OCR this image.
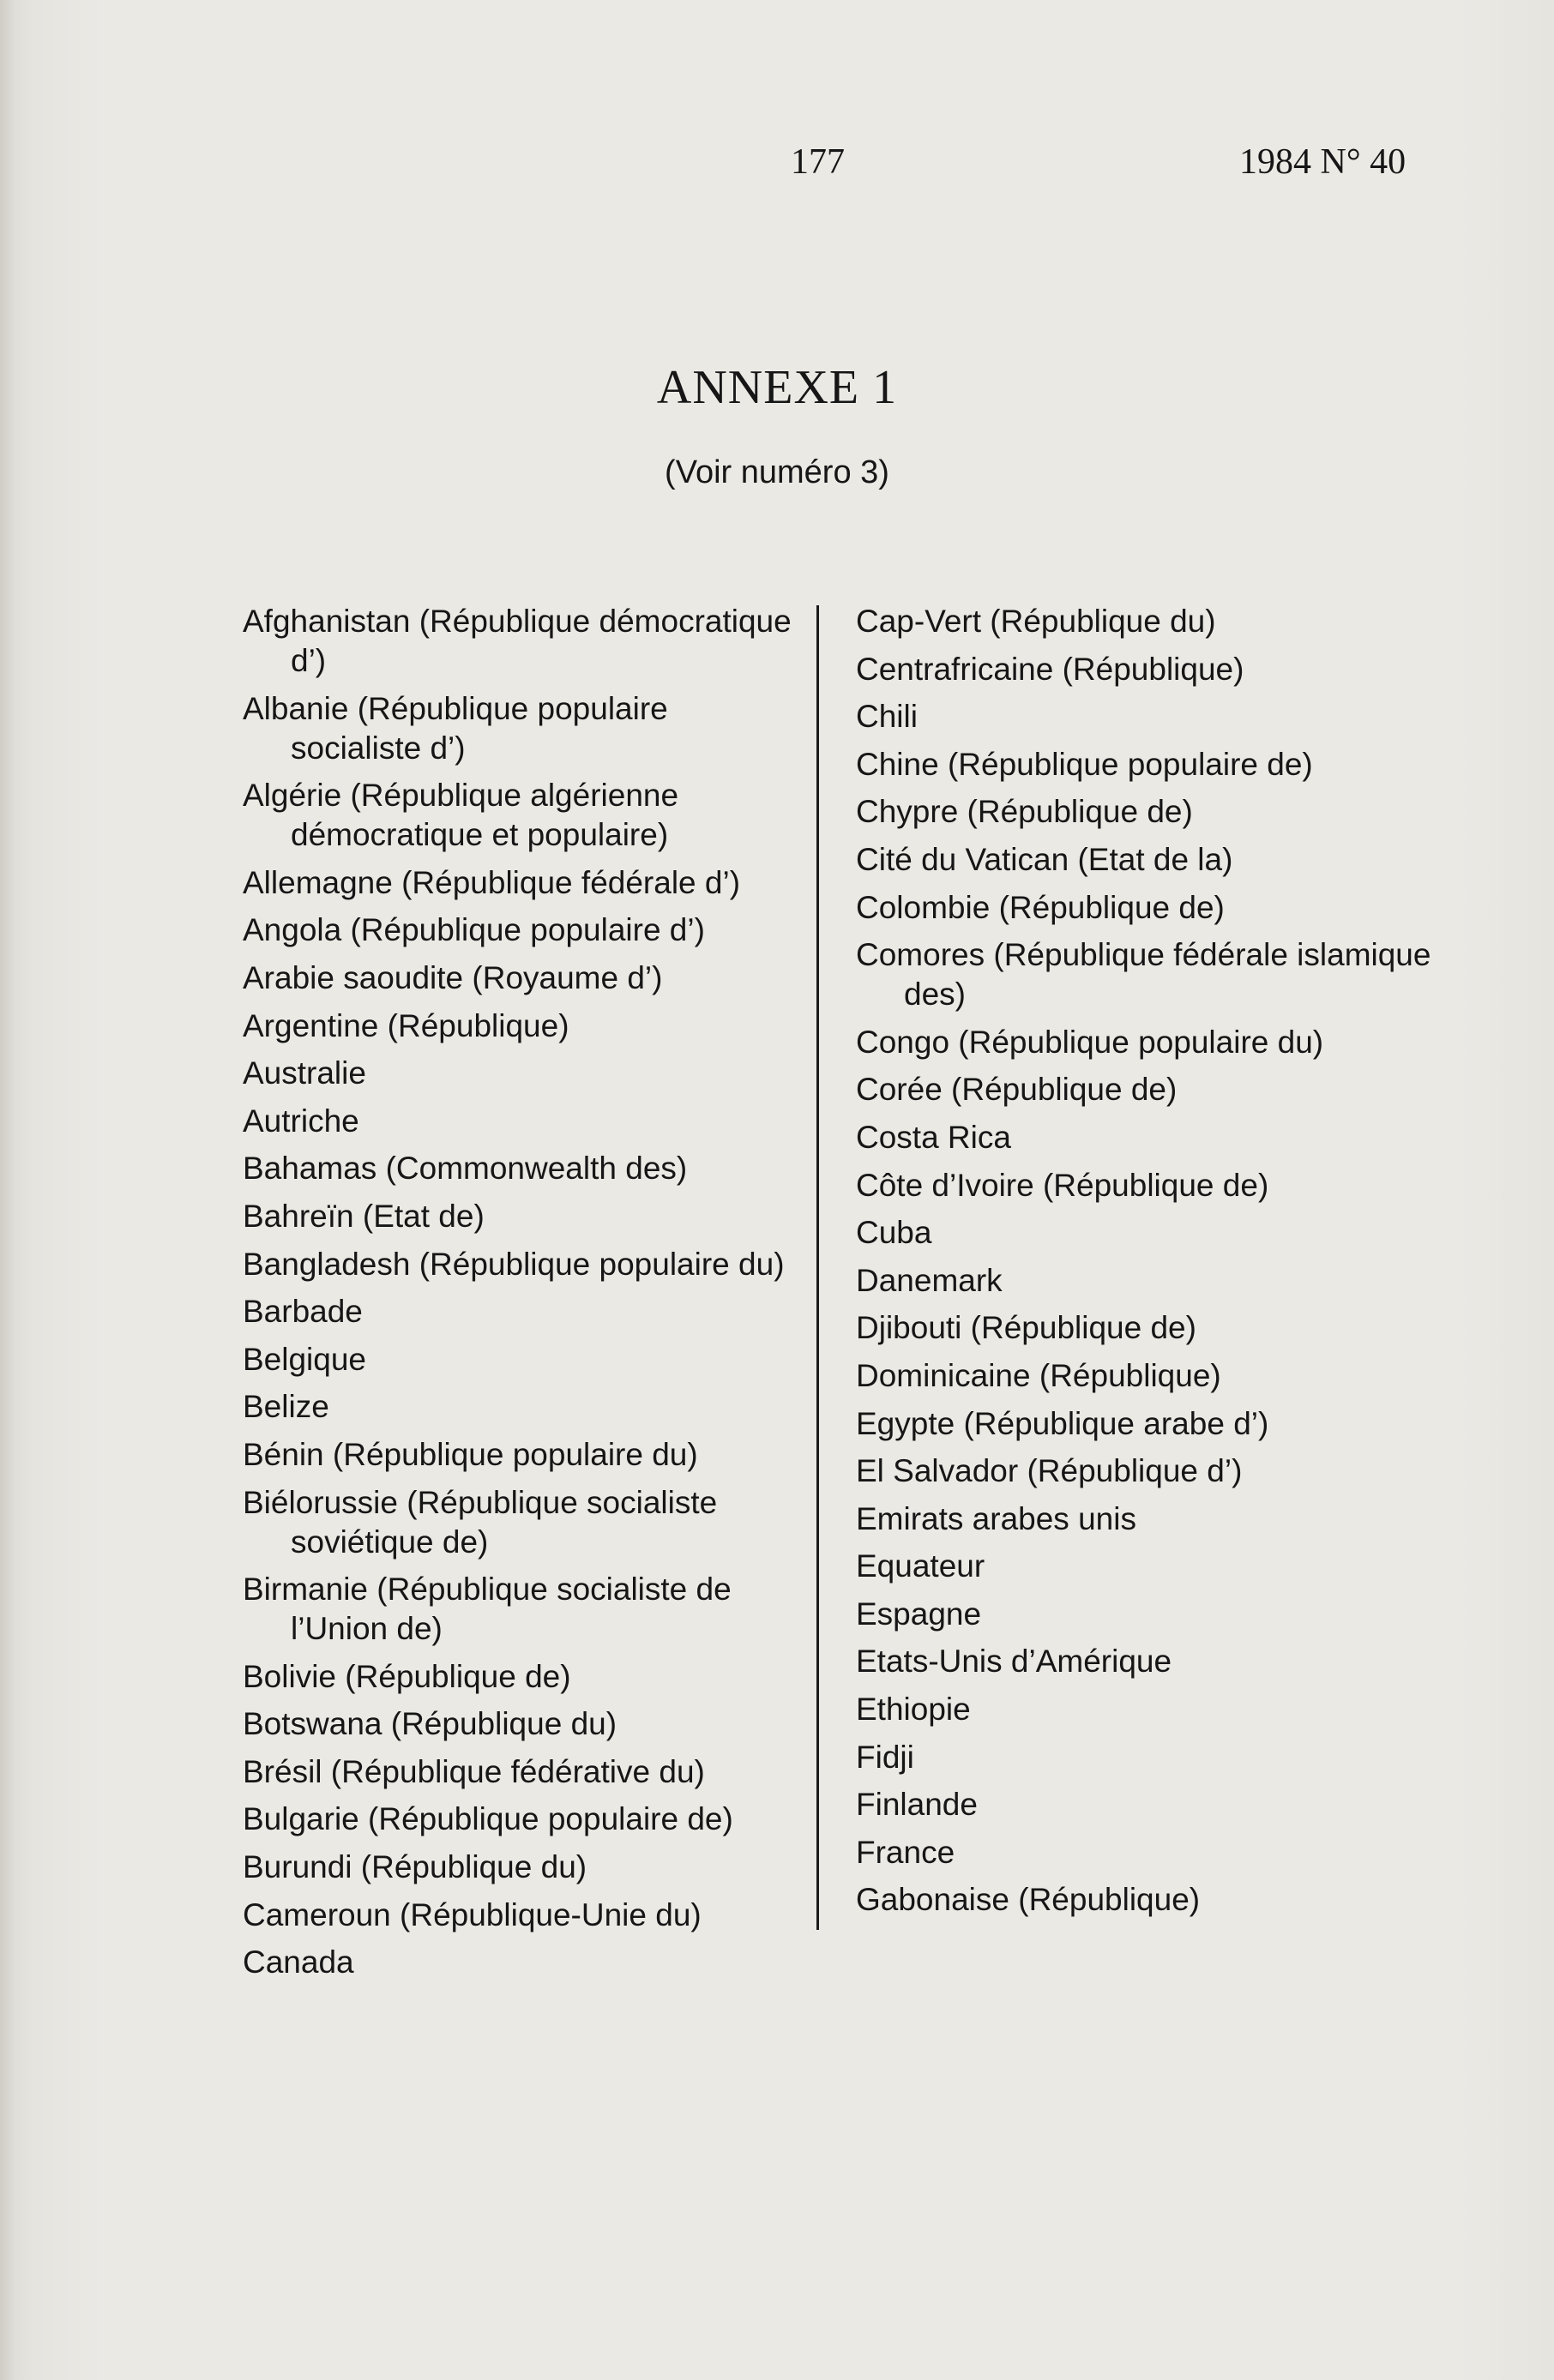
177	1984 N° 40
ANNEXE 1
(Voir numéro 3)
Afghanistan (République démocratique d’)
Albanie (République populaire socialiste d’)
Algérie (République algérienne démocratique et populaire)
Allemagne (République fédérale d’)
Angola (République populaire d’)
Arabie saoudite (Royaume d’)
Argentine (République)
Australie
Autriche
Bahamas (Commonwealth des)
Bahreïn (Etat de)
Bangladesh (République populaire du)
Barbade
Belgique
Belize
Bénin (République populaire du)
Biélorussie (République socialiste soviétique de)
Birmanie (République socialiste de l’Union de)
Bolivie (République de)
Botswana (République du)
Brésil (République fédérative du)
Bulgarie (République populaire de)
Burundi (République du)
Cameroun (République-Unie du)
Canada
Cap-Vert (République du)
Centrafricaine (République)
Chili
Chine (République populaire de)
Chypre (République de)
Cité du Vatican (Etat de la)
Colombie (République de)
Comores (République fédérale islamique des)
Congo (République populaire du)
Corée (République de)
Costa Rica
Côte d’Ivoire (République de)
Cuba
Danemark
Djibouti (République de)
Dominicaine (République)
Egypte (République arabe d’)
El Salvador (République d’)
Emirats arabes unis
Equateur
Espagne
Etats-Unis d’Amérique
Ethiopie
Fidji
Finlande
France
Gabonaise (République)
